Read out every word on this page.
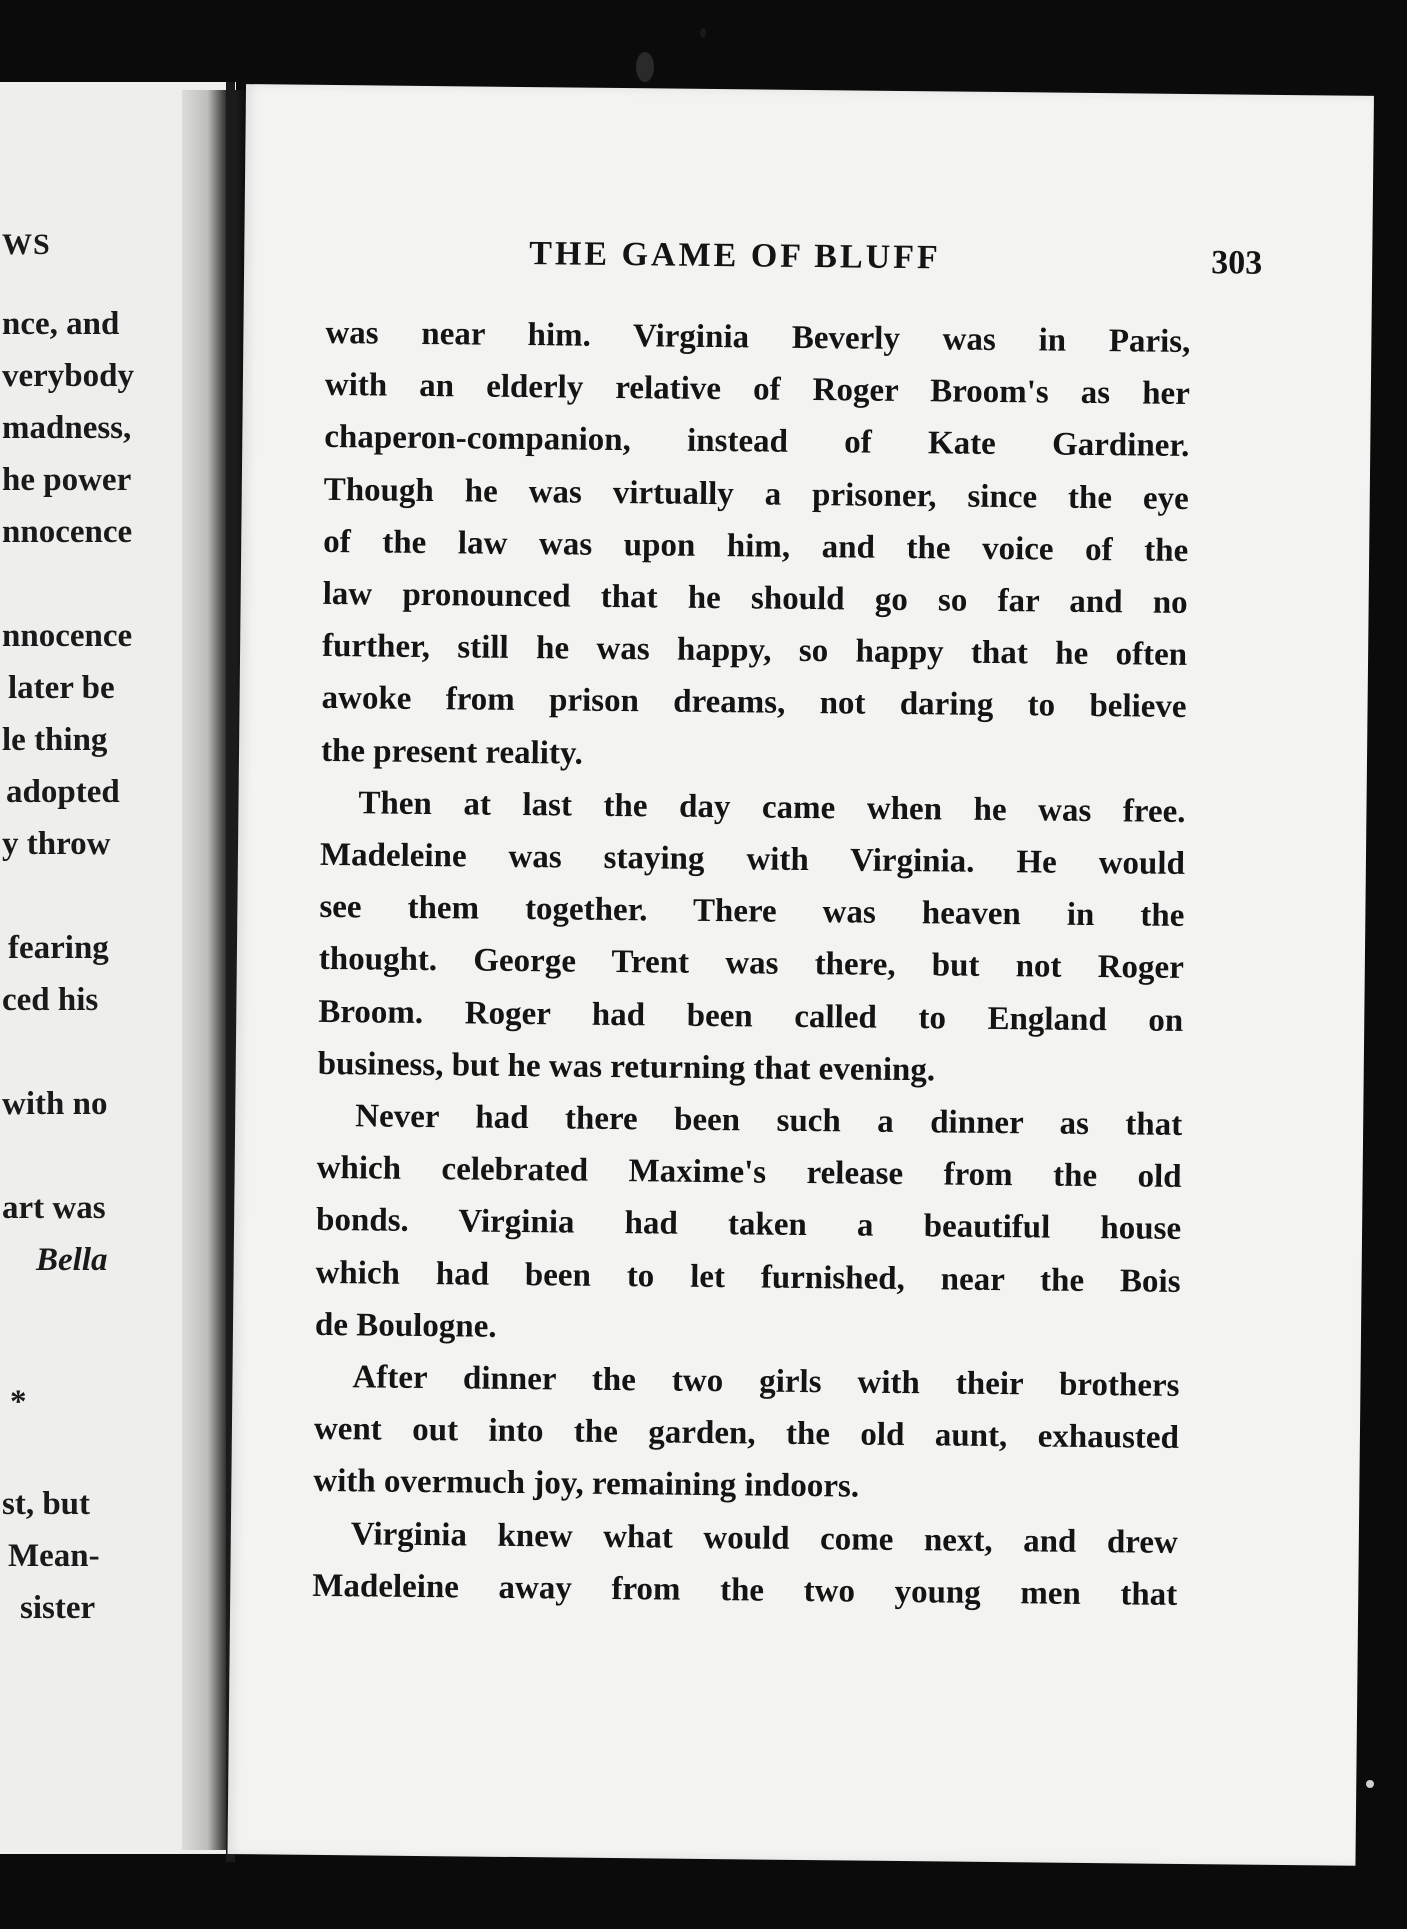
WS
nce, and
verybody
madness,
he power
nnocence
nnocence
later be
le thing
adopted
y throw
fearing
ced his
with no
art was
Bella
*
st, but
Mean-
sister
THE GAME OF BLUFF	303
was near him. Virginia Beverly was in Paris,
with an elderly relative of Roger Broom's as her
chaperon-companion, instead of Kate Gardiner.
Though he was virtually a prisoner, since the eye
of the law was upon him, and the voice of the
law pronounced that he should go so far and no
further, still he was happy, so happy that he often
awoke from prison dreams, not daring to believe
the present reality.
Then at last the day came when he was free.
Madeleine was staying with Virginia. He would
see them together. There was heaven in the
thought. George Trent was there, but not Roger
Broom. Roger had been called to England on
business, but he was returning that evening.
Never had there been such a dinner as that
which celebrated Maxime's release from the old
bonds. Virginia had taken a beautiful house
which had been to let furnished, near the Bois
de Boulogne.
After dinner the two girls with their brothers
went out into the garden, the old aunt, exhausted
with overmuch joy, remaining indoors.
Virginia knew what would come next, and drew
Madeleine away from the two young men that
